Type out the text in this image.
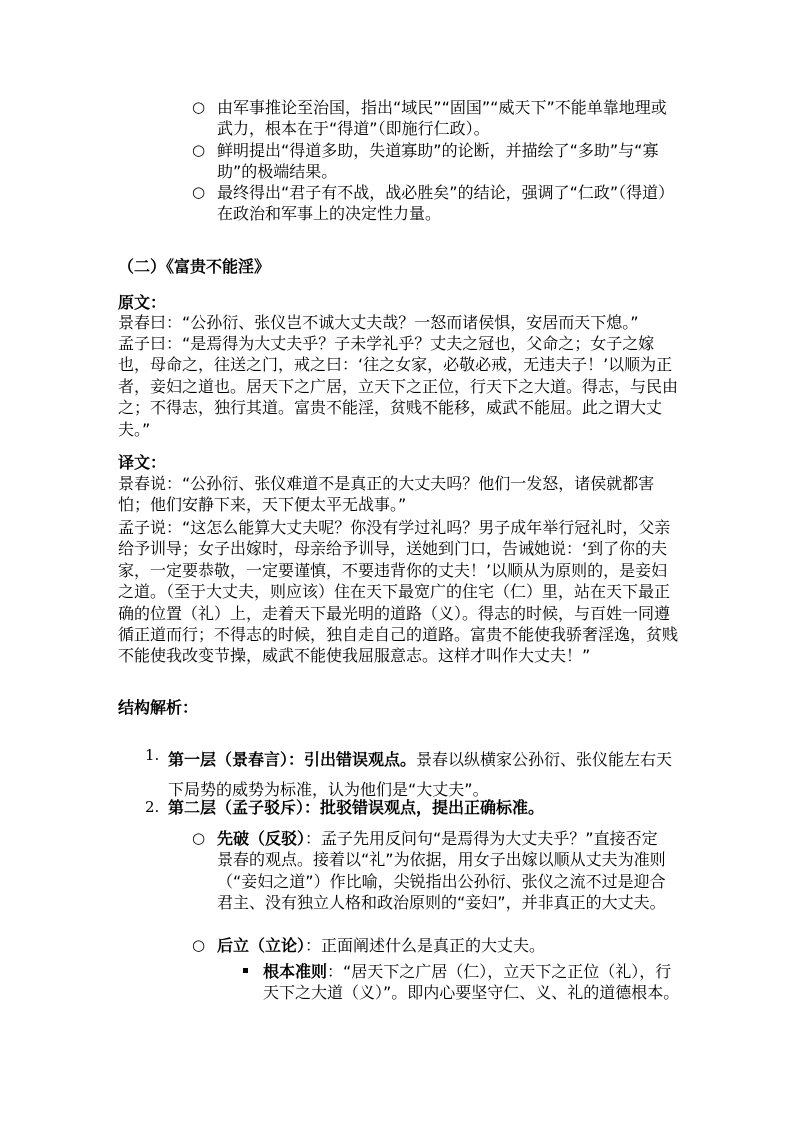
○ 由军事推论至治国，指出“域民”“固国”“威天下”不能单靠地理或武力，根本在于“得道”（即施行仁政）。

○ 鲜明提出“得道多助，失道寡助”的论断，并描绘了“多助”与“寡助”的极端结果。

○ 最终得出“君子有不战，战必胜矣”的结论，强调了“仁政”（得道）在政治和军事上的决定性力量。

（二）《富贵不能淫》

原文：

景春曰：“公孙衍、张仪岂不诚大丈夫哉？一怒而诸侯惧，安居而天下熄。”

孟子曰：“是焉得为大丈夫乎？子未学礼乎？丈夫之冠也，父命之；女子之嫁也，母命之，往送之门，戒之曰：‘往之女家，必敬必戒，无违夫子！’以顺为正者，妾妇之道也。居天下之广居，立天下之正位，行天下之大道。得志，与民由之；不得志，独行其道。富贵不能淫，贫贱不能移，威武不能屈。此之谓大丈夫。”

译文：

景春说：“公孙衍、张仪难道不是真正的大丈夫吗？他们一发怒，诸侯就都害怕；他们安静下来，天下便太平无战事。”

孟子说：“这怎么能算大丈夫呢？你没有学过礼吗？男子成年举行冠礼时，父亲给予训导；女子出嫁时，母亲给予训导，送她到门口，告诫她说：‘到了你的夫家，一定要恭敬，一定要谨慎，不要违背你的丈夫！’以顺从为原则的，是妾妇之道。（至于大丈夫，则应该）住在天下最宽广的住宅（仁）里，站在天下最正确的位置（礼）上，走着天下最光明的道路（义）。得志的时候，与百姓一同遵循正道而行；不得志的时候，独自走自己的道路。富贵不能使我骄奢淫逸，贫贱不能使我改变节操，威武不能使我屈服意志。这样才叫作大丈夫！”

结构解析：

1. 第一层（景春言）：引出错误观点。景春以纵横家公孙衍、张仪能左右天下局势的威势为标准，认为他们是“大丈夫”。

2. 第二层（孟子驳斥）：批驳错误观点，提出正确标准。

○ 先破（反驳）：孟子先用反问句“是焉得为大丈夫乎？”直接否定景春的观点。接着以“礼”为依据，用女子出嫁以顺从丈夫为准则（“妾妇之道”）作比喻，尖锐指出公孙衍、张仪之流不过是迎合君主、没有独立人格和政治原则的“妾妇”，并非真正的大丈夫。

○ 后立（立论）：正面阐述什么是真正的大丈夫。

根本准则：“居天下之广居（仁），立天下之正位（礼），行天下之大道（义）”。即内心要坚守仁、义、礼的道德根本。
